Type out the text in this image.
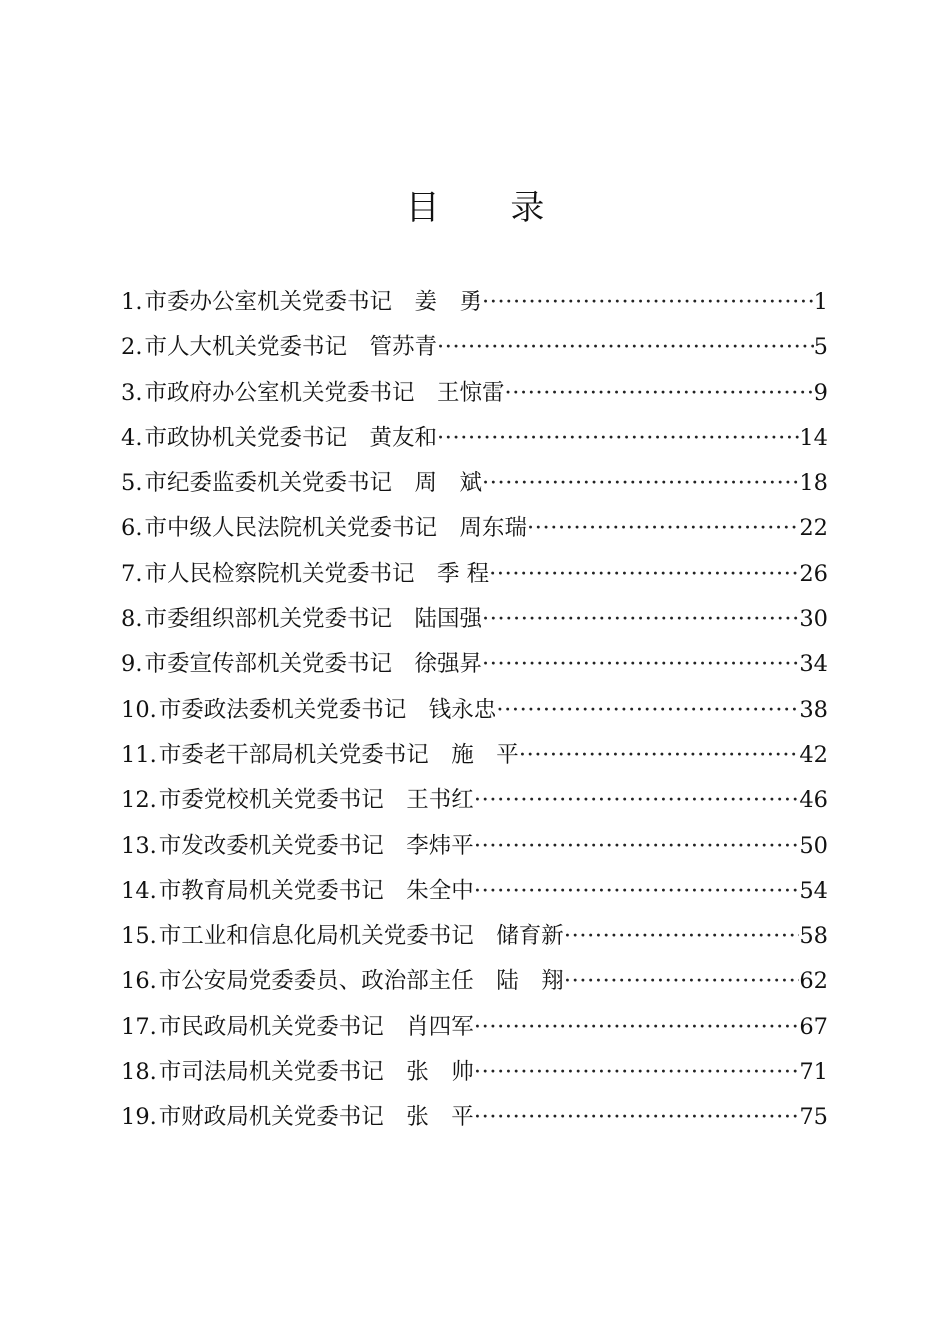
目 录
1. 市委办公室机关党委书记　姜　勇 ·····	1
2. 市人大机关党委书记　管苏青 ·····	5
3. 市政府办公室机关党委书记　王惊雷 ·····	9
4. 市政协机关党委书记　黄友和 ·····	14
5. 市纪委监委机关党委书记　周　斌 ·····	18
6. 市中级人民法院机关党委书记　周东瑞 ·····	22
7. 市人民检察院机关党委书记　季 程 ·····	26
8. 市委组织部机关党委书记　陆国强 ·····	30
9. 市委宣传部机关党委书记　徐强昇 ·····	34
10. 市委政法委机关党委书记　钱永忠 ·····	38
11. 市委老干部局机关党委书记　施　平 ·····	42
12. 市委党校机关党委书记　王书红 ·····	46
13. 市发改委机关党委书记　李炜平 ·····	50
14. 市教育局机关党委书记　朱全中 ·····	54
15. 市工业和信息化局机关党委书记　储育新 ·····	58
16. 市公安局党委委员、政治部主任　陆　翔 ·····	62
17. 市民政局机关党委书记　肖四军 ·····	67
18. 市司法局机关党委书记　张　帅 ·····	71
19. 市财政局机关党委书记　张　平 ·····	75
